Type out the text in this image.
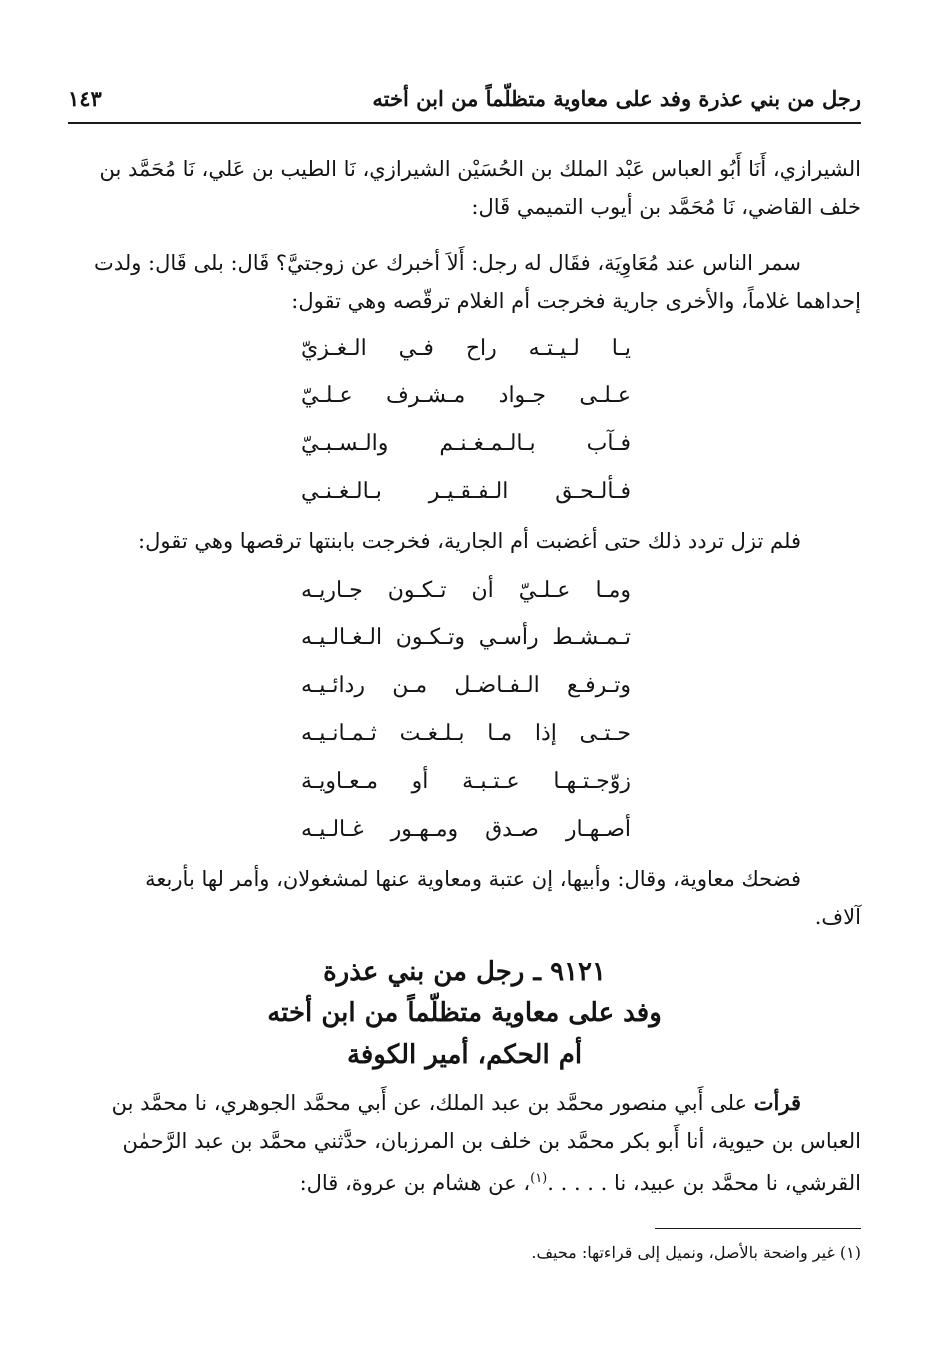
رجل من بني عذرة وفد على معاوية متظلّماً من ابن أخته
١٤٣
الشيرازي، أَنَا أَبُو العباس عَبْد الملك بن الحُسَيْن الشيرازي، نَا الطيب بن عَلي، نَا مُحَمَّد بن
خلف القاضي، نَا مُحَمَّد بن أيوب التميمي قَال:
سمر الناس عند مُعَاوِيَة، فقَال له رجل: أَلاَ أخبرك عن زوجتيَّ؟ قَال: بلى قَال: ولدت
إحداهما غلاماً، والأخرى جارية فخرجت أم الغلام ترقّصه وهي تقول:
يـا لـيـتـه راح فـي الـغـزيّ
عـلـى جـواد مـشـرف عـلـيّ
فـآب بـالـمـغـنـم والـسـبـيّ
فـألـحـق الـفـقـيـر بـالـغـنـي
فلم تزل تردد ذلك حتى أغضبت أم الجارية، فخرجت بابنتها ترقصها وهي تقول:
ومـا عـلـيّ أن تـكـون جـاريـه
تـمـشـط رأسـي وتـكـون الـغـالـيـه
وتـرفـع الـفـاضـل مـن ردائـيـه
حـتـى إذا مـا بـلـغـت ثـمـانـيـه
زوّجـتـهـا عـتـبـة أو مـعـاويـة
أصـهـار صـدق ومـهـور غـالـيـه
فضحك معاوية، وقال: وأبيها، إن عتبة ومعاوية عنها لمشغولان، وأمر لها بأربعة
آلاف.
٩١٢١ ـ رجل من بني عذرة
وفد على معاوية متظلّماً من ابن أخته
أم الحكم، أمير الكوفة
قرأت على أَبي منصور محمَّد بن عبد الملك، عن أَبي محمَّد الجوهري، نا محمَّد بن
العباس بن حيوية، أنا أَبو بكر محمَّد بن خلف بن المرزبان، حدَّثني محمَّد بن عبد الرَّحمٰن
القرشي، نا محمَّد بن عبيد، نا . . . . .$^{(١)}$، عن هشام بن عروة، قال:
(١) غير واضحة بالأصل، ونميل إلى قراءتها: محيف.
